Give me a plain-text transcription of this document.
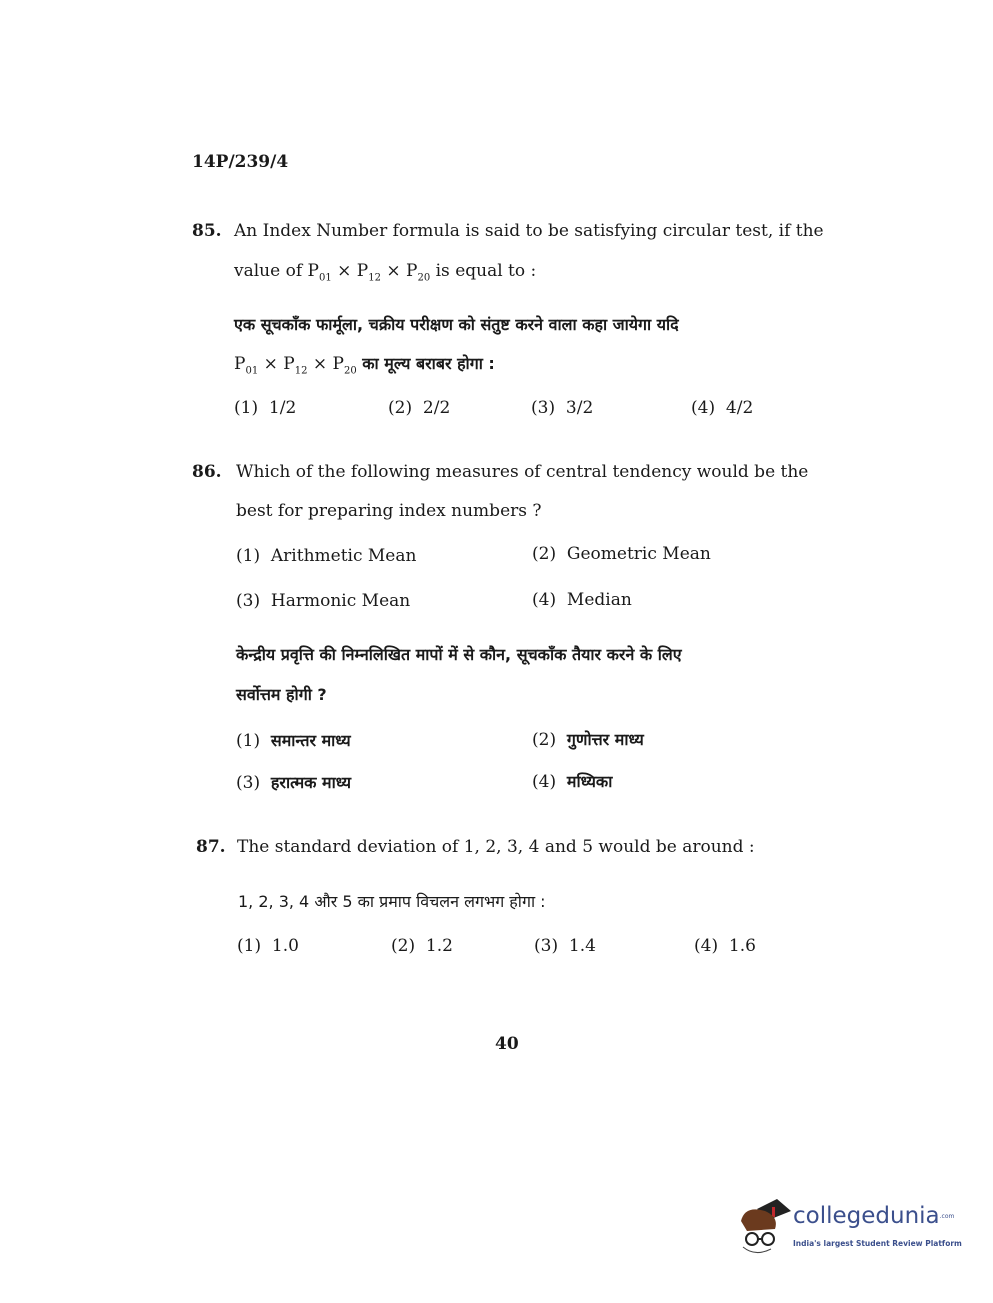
14P/239/4
85. An Index Number formula is said to be satisfying circular test, if the
value of $P_{01} \times P_{12} \times P_{20}$ is equal to :
एक सूचकाँक फार्मूला, चक्रीय परीक्षण को संतुष्ट करने वाला कहा जायेगा यदि
$P_{01} \times P_{12} \times P_{20}$ का मूल्य बराबर होगा :
(1) 1/2	(2) 2/2	(3) 3/2	(4) 4/2
86. Which of the following measures of central tendency would be the
best for preparing index numbers ?
(1) Arithmetic Mean	(2) Geometric Mean
(3) Harmonic Mean	(4) Median
केन्द्रीय प्रवृत्ति की निम्नलिखित मापों में से कौन, सूचकाँक तैयार करने के लिए
सर्वोत्तम होगी ?
(1) समान्तर माध्य	(2) गुणोत्तर माध्य
(3) हरात्मक माध्य	(4) मध्यिका
87. The standard deviation of 1, 2, 3, 4 and 5 would be around :
1, 2, 3, 4 और 5 का प्रमाप विचलन लगभग होगा :
(1) 1.0	(2) 1.2	(3) 1.4	(4) 1.6
40
collegedunia.com
India's largest Student Review Platform
